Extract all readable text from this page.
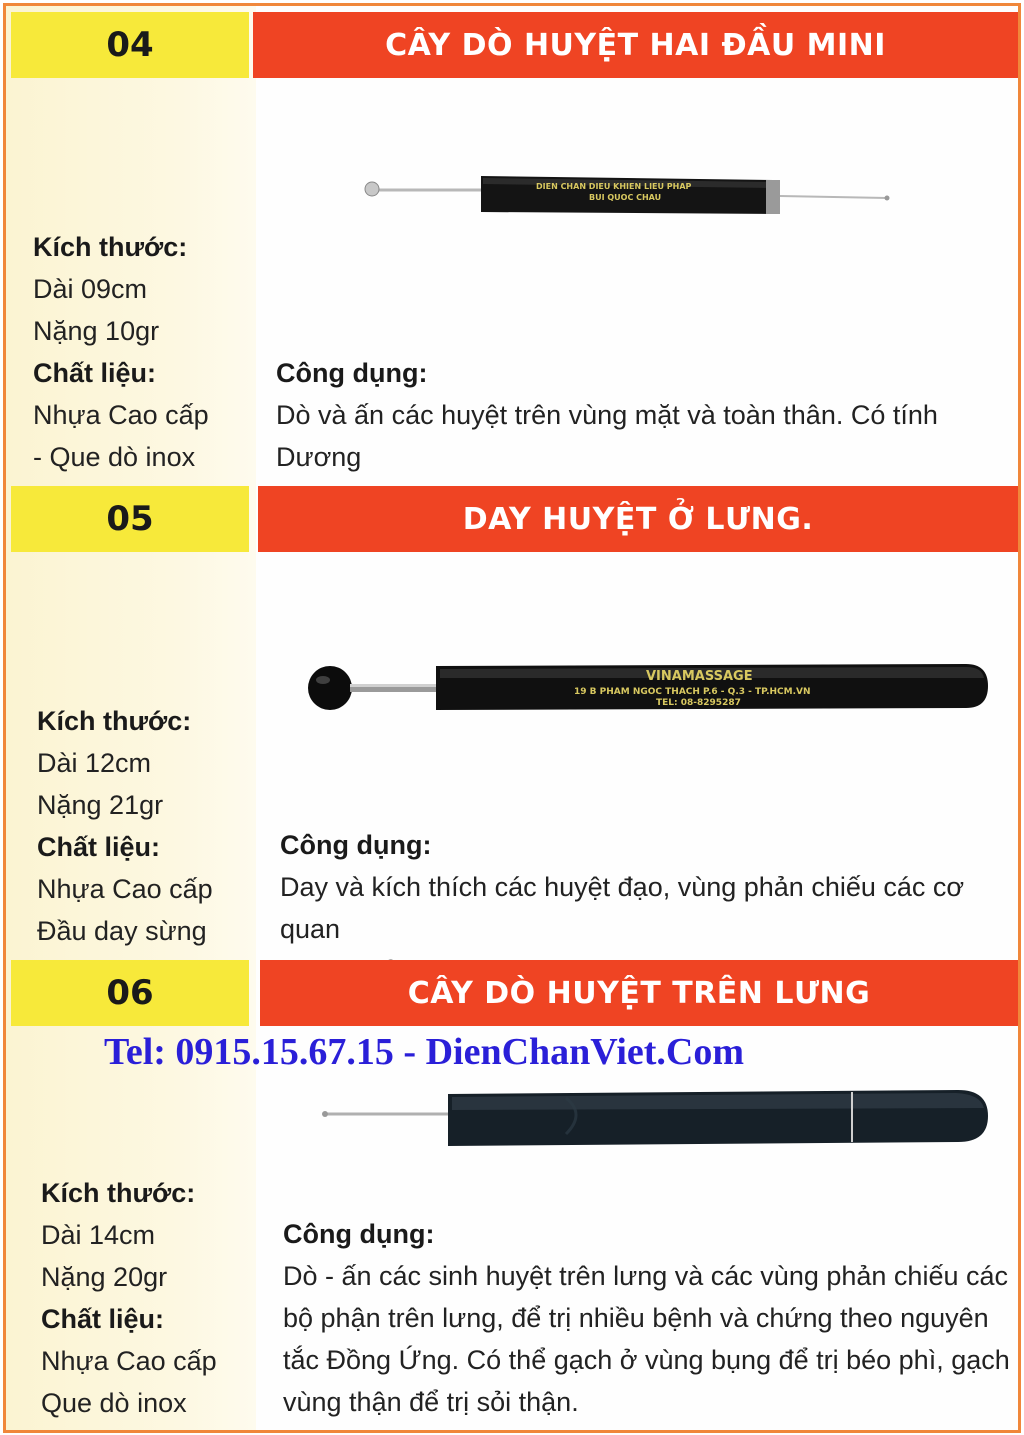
04	CÂY DÒ HUYỆT HAI ĐẦU MINI
DIEN CHAN DIEU KHIEN LIEU PHAP
BUI QUOC CHAU
Kích thước:
Dài 09cm
Nặng 10gr
Chất liệu:
Nhựa Cao cấp
- Que dò inox
Công dụng:
Dò và ấn các huyệt trên vùng mặt và toàn thân. Có tính Dương
05	DAY HUYỆT Ở LƯNG.
VINAMASSAGE
19 B PHAM NGOC THACH P.6 - Q.3 - TP.HCM.VN
TEL: 08-8295287
Kích thước:
Dài 12cm
Nặng 21gr
Chất liệu:
Nhựa Cao cấp
Đầu day sừng
Công dụng:
Day và kích thích các huyệt đạo, vùng phản chiếu các cơ quan
06	CÂY DÒ HUYỆT TRÊN LƯNG
Tel: 0915.15.67.15 - DienChanViet.Com
Kích thước:
Dài 14cm
Nặng 20gr
Chất liệu:
Nhựa Cao cấp
Que dò inox
Công dụng:
Dò - ấn các sinh huyệt trên lưng và các vùng phản chiếu các
bộ phận trên lưng, để trị nhiều bệnh và chứng theo nguyên
tắc Đồng Ứng. Có thể gạch ở vùng bụng để trị béo phì, gạch
vùng thận để trị sỏi thận.
